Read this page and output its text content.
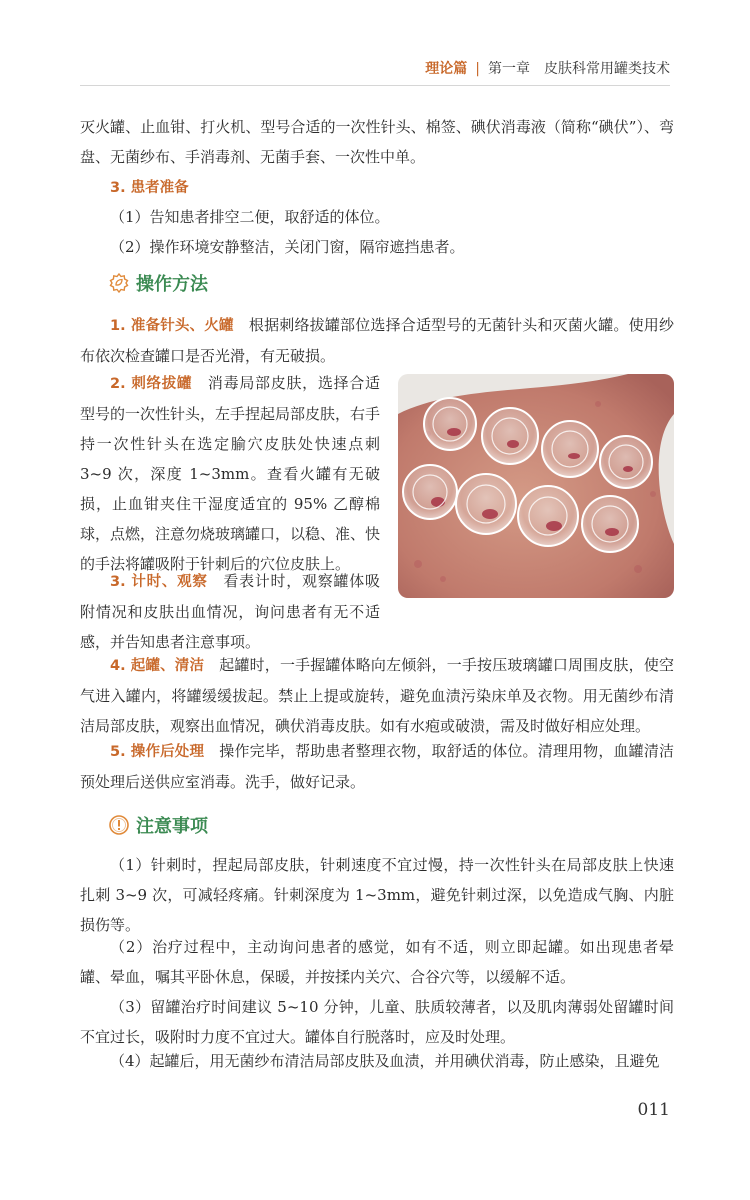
理论篇 | 第一章　皮肤科常用罐类技术
灭火罐、止血钳、打火机、型号合适的一次性针头、棉签、碘伏消毒液（简称“碘伏”）、弯盘、无菌纱布、手消毒剂、无菌手套、一次性中单。
3. 患者准备
（1）告知患者排空二便，取舒适的体位。
（2）操作环境安静整洁，关闭门窗，隔帘遮挡患者。
操作方法
1. 准备针头、火罐　 根据刺络拔罐部位选择合适型号的无菌针头和灭菌火罐。使用纱布依次检查罐口是否光滑，有无破损。
2. 刺络拔罐　 消毒局部皮肤，选择合适型号的一次性针头，左手捏起局部皮肤，右手持一次性针头在选定腧穴皮肤处快速点刺3~9 次，深度 1~3mm。查看火罐有无破损，止血钳夹住干湿度适宜的 95% 乙醇棉球，点燃，注意勿烧玻璃罐口，以稳、准、快的手法将罐吸附于针刺后的穴位皮肤上。
3. 计时、观察　 看表计时，观察罐体吸附情况和皮肤出血情况，询问患者有无不适感，并告知患者注意事项。
4. 起罐、清洁　 起罐时，一手握罐体略向左倾斜，一手按压玻璃罐口周围皮肤，使空气进入罐内，将罐缓缓拔起。禁止上提或旋转，避免血渍污染床单及衣物。用无菌纱布清洁局部皮肤，观察出血情况，碘伏消毒皮肤。如有水疱或破溃，需及时做好相应处理。
5. 操作后处理　 操作完毕，帮助患者整理衣物，取舒适的体位。清理用物，血罐清洁预处理后送供应室消毒。洗手，做好记录。
注意事项
（1）针刺时，捏起局部皮肤，针刺速度不宜过慢，持一次性针头在局部皮肤上快速扎刺 3~9 次，可减轻疼痛。针刺深度为 1~3mm，避免针刺过深，以免造成气胸、内脏损伤等。
（2）治疗过程中，主动询问患者的感觉，如有不适，则立即起罐。如出现患者晕罐、晕血，嘱其平卧休息，保暖，并按揉内关穴、合谷穴等，以缓解不适。
（3）留罐治疗时间建议 5~10 分钟，儿童、肤质较薄者，以及肌肉薄弱处留罐时间不宜过长，吸附时力度不宜过大。罐体自行脱落时，应及时处理。
（4）起罐后，用无菌纱布清洁局部皮肤及血渍，并用碘伏消毒，防止感染，且避免
011
